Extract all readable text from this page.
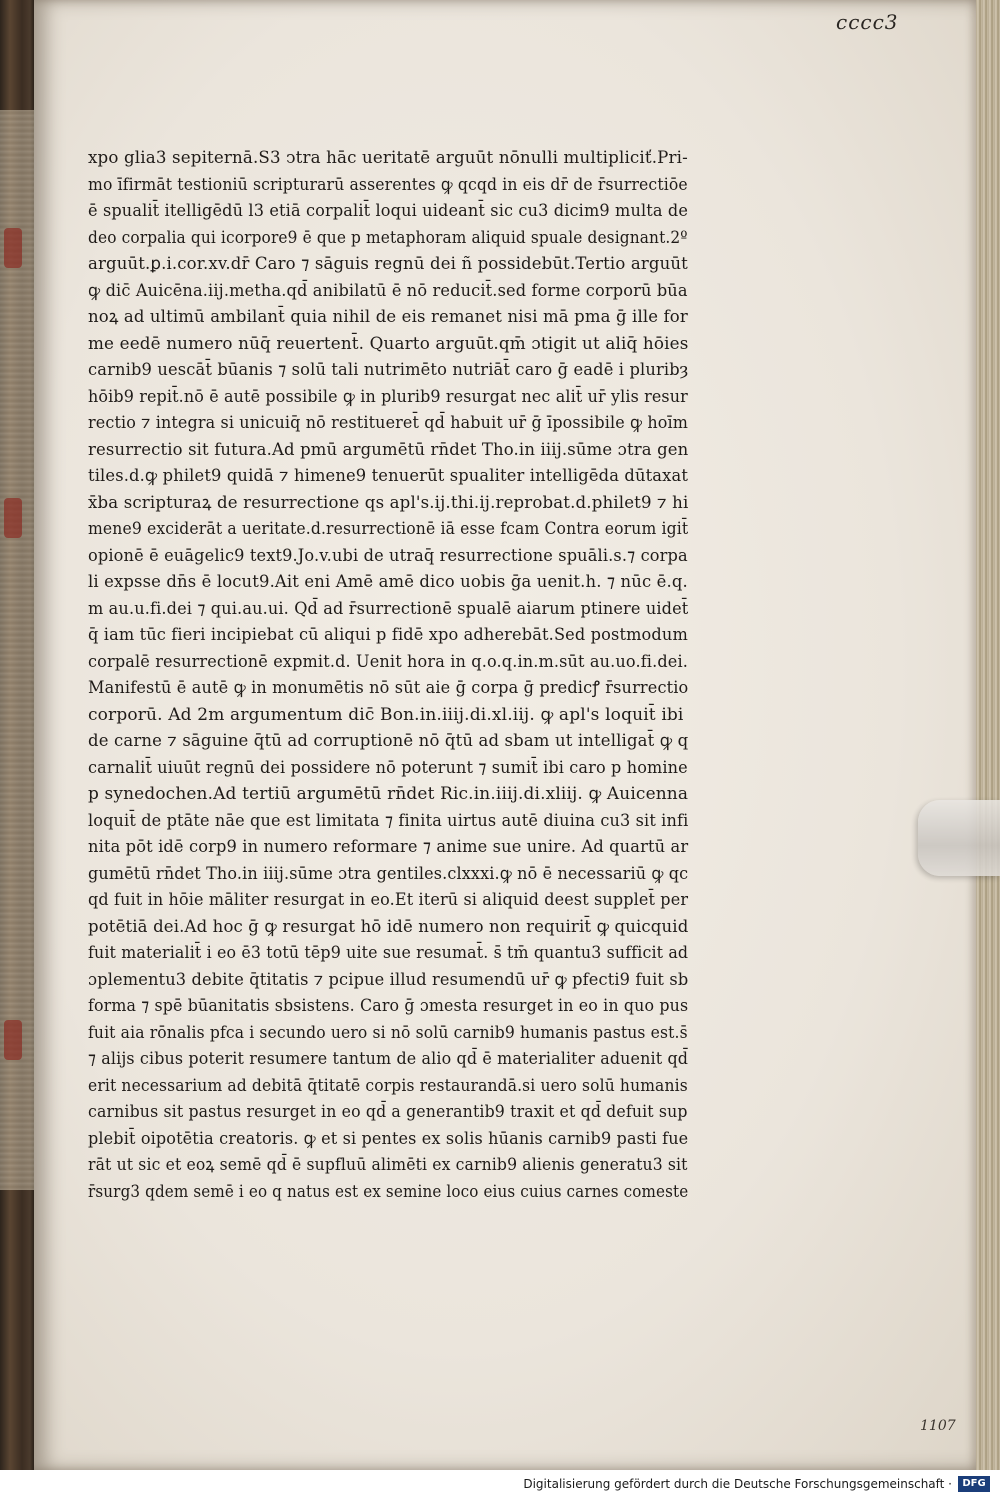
cccc3
xpo glia3 sepiternā.S3 ↄtra hāc ueritatē arguūt nōnulli multipliciť.Pri-
mo īfirmāt testioniū scripturarū asserentes ꝙ qcqd in eis dr̄ de r̄surrectiōe
ē spualit̄ itelligēdū l3 etiā corpalit̄ loqui uideant̄ sic cu3 dicim9 multa de
deo corpalia qui icorpore9 ē que p metaphoram aliquid spuale designant.2º
arguūt.ꝑ.i.cor.xv.dr̄ Caro ⁊ sāguis regnū dei ñ possidebūt.Tertio arguūt
ꝙ dic̄ Auicēna.iij.metha.qd̄ anibilatū ē nō reducit̄.sed forme corporū būa
noꝝ ad ultimū ambilant̄ quia nihil de eis remanet nisi mā pma ḡ ille for
me eedē numero nūq̄ reuertent̄. Quarto arguūt.qm̄ ɔtigit ut aliq̄ hōies
carnib9 uescāt̄ būanis ⁊ solū tali nutrimēto nutriāt̄ caro ḡ eadē i pluribȝ
hōib9 repit̄.nō ē autē possibile ꝙ in plurib9 resurgat nec alit̄ ur̄ ylis resur
rectio ⁊ integra si unicuiq̄ nō restitueret̄ qd̄ habuit ur̄ ḡ īpossibile ꝙ hoīm
resurrectio sit futura.Ad pmū argumētū rn̄det Tho.in iiij.sūme ɔtra gen
tiles.d.ꝙ philet9 quidā ⁊ himene9 tenuerūt spualiter intelligēda dūtaxat
x̄ba scripturaꝝ de resurrectione qs apl's.ij.thi.ij.reprobat.d.philet9 ⁊ hi
mene9 exciderāt a ueritate.d.resurrectionē iā esse fcam Contra eorum igit̄
opionē ē euāgelic9 text9.Jo.v.ubi de utraq̄ resurrectione spuāli.s.⁊ corpa
li expsse dn̄s ē locut9.Ait eni Amē amē dico uobis ḡa uenit.h. ⁊ nūc ē.q.
m au.u.fi.dei ⁊ qui.au.ui. Qd̄ ad r̄surrectionē spualē aiarum ptinere uidet̄
q̄ iam tūc fieri incipiebat cū aliqui p fidē xpo adherebāt.Sed postmodum
corpalē resurrectionē expmit.d. Uenit hora in q.o.q.in.m.sūt au.uo.fi.dei.
Manifestū ē autē ꝙ in monumētis nō sūt aie ḡ corpa ḡ predicꝭ r̄surrectio
corporū. Ad 2m argumentum dic̄ Bon.in.iiij.di.xl.iij. ꝙ apl's loquit̄ ibi
de carne ⁊ sāguine q̄tū ad corruptionē nō q̄tū ad sbam ut intelligat̄ ꝙ q
carnalit̄ uiuūt regnū dei possidere nō poterunt ⁊ sumit̄ ibi caro p homine
p synedochen.Ad tertiū argumētū rn̄det Ric.in.iiij.di.xliij. ꝙ Auicenna
loquit̄ de ptāte nāe que est limitata ⁊ finita uirtus autē diuina cu3 sit infi
nita pōt idē corp9 in numero reformare ⁊ anime sue unire. Ad quartū ar
gumētū rn̄det Tho.in iiij.sūme ɔtra gentiles.clxxxi.ꝙ nō ē necessariū ꝙ qc
qd fuit in hōie māliter resurgat in eo.Et iterū si aliquid deest supplet̄ per
potētiā dei.Ad hoc ḡ ꝙ resurgat hō idē numero non requirit̄ ꝙ quicquid
fuit materialit̄ i eo ē3 totū tēp9 uite sue resumat̄. s̄ tm̄ quantu3 sufficit ad
ɔplementu3 debite q̄titatis ⁊ pcipue illud resumendū ur̄ ꝙ pfecti9 fuit sb
forma ⁊ spē būanitatis sbsistens. Caro ḡ ɔmesta resurget in eo in quo pus
fuit aia rōnalis pfca i secundo uero si nō solū carnib9 humanis pastus est.s̄
⁊ alijs cibus poterit resumere tantum de alio qd̄ ē materialiter aduenit qd̄
erit necessarium ad debitā q̄titatē corpis restaurandā.si uero solū humanis
carnibus sit pastus resurget in eo qd̄ a generantib9 traxit et qd̄ defuit sup
plebit̄ oipotētia creatoris. ꝙ et si pentes ex solis hūanis carnib9 pasti fue
rāt ut sic et eoꝝ semē qd̄ ē supfluū alimēti ex carnib9 alienis generatu3 sit
r̄surg3 qdem semē i eo q natus est ex semine loco eius cuius carnes comeste
1107
Digitalisierung gefördert durch die Deutsche Forschungsgemeinschaft ·	DFG
